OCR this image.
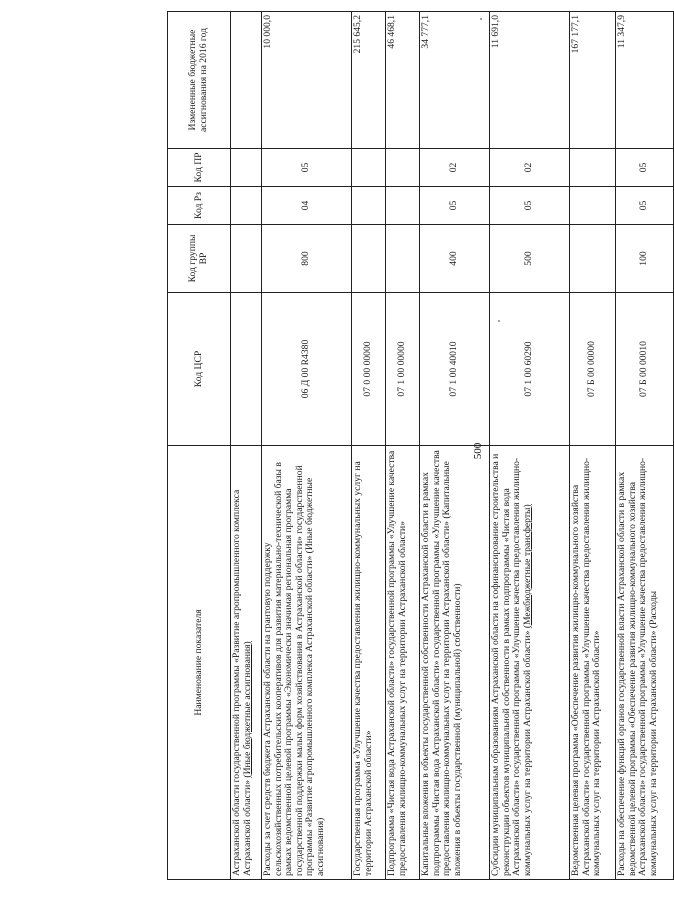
500
Наименование показателя	Код ЦСР	Код группы ВР	Код Рз	Код ПР	Измененные бюджетные ассигнования на 2016 год
Астраханской области государственной программы «Развитие агропромышленного комплекса Астраханской области» (Иные бюджетные ассигнования)					
Расходы за счет средств бюджета Астраханской области на грантовую поддержку сельскохозяйственных потребительских кооперативов для развития материально-технической базы в рамках ведомственной целевой программы «Экономически значимая региональная программа государственной поддержки малых форм хозяйствования в Астраханской области» государственной программы «Развитие агропромышленного комплекса Астраханской области» (Иные бюджетные ассигнования)	06 Д 00 R4380	800	04	05	10 000,0
Государственная программа «Улучшение качества предоставления жилищно-коммунальных услуг на территории Астраханской области»	07 0 00 00000				215 645,2
Подпрограмма «Чистая вода Астраханской области» государственной программы «Улучшение качества предоставления жилищно-коммунальных услуг на территории Астраханской области»	07 1 00 00000				46 468,1
Капитальные вложения в объекты государственной собственности Астраханской области в рамках подпрограммы «Чистая вода Астраханской области» государственной программы «Улучшение качества предоставления жилищно-коммунальных услуг на территории Астраханской области» (Капитальные вложения в объекты государственной (муниципальной) собственности)	07 1 00 40010	400	05	02	34 777,1
Субсидии муниципальным образованиям Астраханской области на софинансирование строительства и реконструкции объектов муниципальной собственности в рамках подпрограммы «Чистая вода Астраханской области» государственной программы «Улучшение качества предоставления жилищно-коммунальных услуг на территории Астраханской области» (Межбюджетные трансферты)	07 1 00 60290	500	05	02	11 691,0
Ведомственная целевая программа «Обеспечение развития жилищно-коммунального хозяйства Астраханской области» государственной программы «Улучшение качества предоставления жилищно-коммунальных услуг на территории Астраханской области»	07 Б 00 00000				167 177,1
Расходы на обеспечение функций органов государственной власти Астраханской области в рамках ведомственной целевой программы «Обеспечение развития жилищно-коммунального хозяйства Астраханской области» государственной программы «Улучшение качества предоставления жилищно-коммунальных услуг на территории Астраханской области» (Расходы	07 Б 00 00010	100	05	05	11 347,9
